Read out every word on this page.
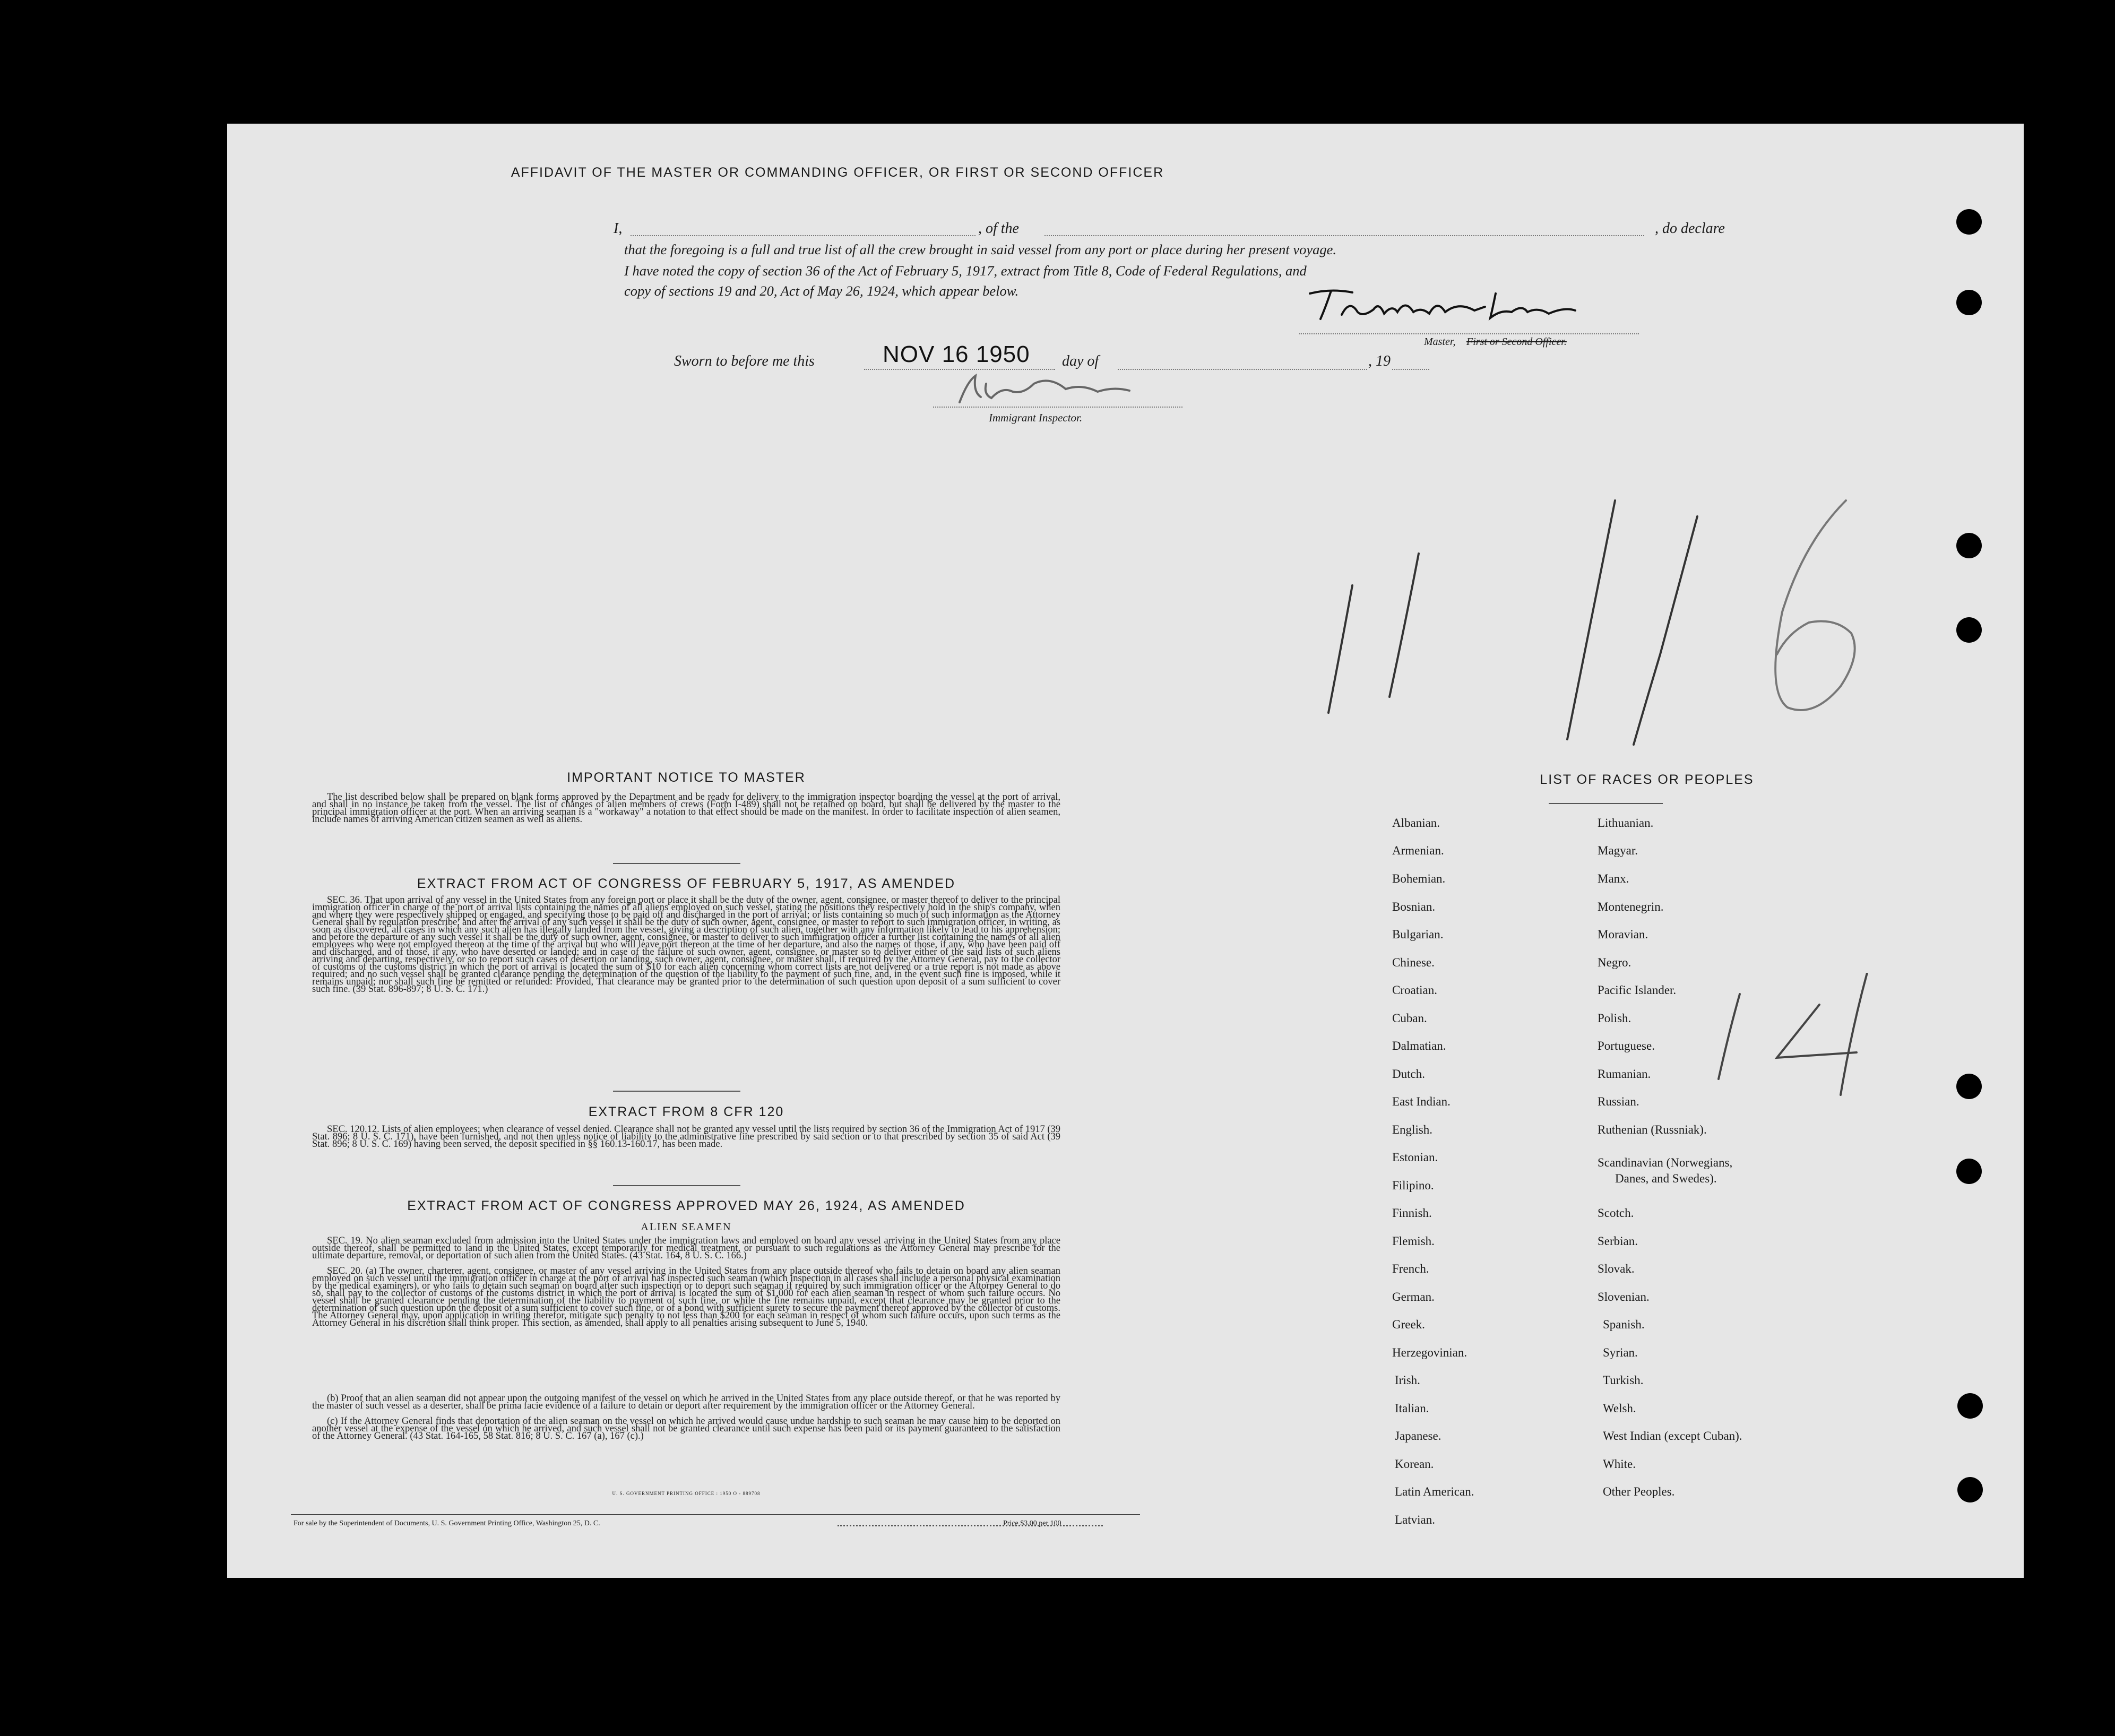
AFFIDAVIT OF THE MASTER OR COMMANDING OFFICER, OR FIRST OR SECOND OFFICER
I,	, of the	, do declare
that the foregoing is a full and true list of all the crew brought in said vessel from any port or place during her present voyage.
I have noted the copy of section 36 of the Act of February 5, 1917, extract from Title 8, Code of Federal Regulations, and
copy of sections 19 and 20, Act of May 26, 1924, which appear below.
Master, First or Second Officer.
Sworn to before me this	NOV 16 1950 day of	, 19
Immigrant Inspector.
IMPORTANT NOTICE TO MASTER
The list described below shall be prepared on blank forms approved by the Department and be ready for delivery to the immigration inspector boarding the vessel at the port of arrival, and shall in no instance be taken from the vessel. The list of changes of alien members of crews (Form I-489) shall not be retained on board, but shall be delivered by the master to the principal immigration officer at the port. When an arriving seaman is a "workaway" a notation to that effect should be made on the manifest. In order to facilitate inspection of alien seamen, include names of arriving American citizen seamen as well as aliens.
EXTRACT FROM ACT OF CONGRESS OF FEBRUARY 5, 1917, AS AMENDED
SEC. 36. That upon arrival of any vessel in the United States from any foreign port or place it shall be the duty of the owner, agent, consignee, or master thereof to deliver to the principal immigration officer in charge of the port of arrival lists containing the names of all aliens employed on such vessel, stating the positions they respectively hold in the ship's company, when and where they were respectively shipped or engaged, and specifying those to be paid off and discharged in the port of arrival; or lists containing so much of such information as the Attorney General shall by regulation prescribe; and after the arrival of any such vessel it shall be the duty of such owner, agent, consignee, or master to report to such immigration officer, in writing, as soon as discovered, all cases in which any such alien has illegally landed from the vessel, giving a description of such alien, together with any information likely to lead to his apprehension; and before the departure of any such vessel it shall be the duty of such owner, agent, consignee, or master to deliver to such immigration officer a further list containing the names of all alien employees who were not employed thereon at the time of the arrival but who will leave port thereon at the time of her departure, and also the names of those, if any, who have been paid off and discharged, and of those, if any, who have deserted or landed; and in case of the failure of such owner, agent, consignee, or master so to deliver either of the said lists of such aliens arriving and departing, respectively, or so to report such cases of desertion or landing, such owner, agent, consignee, or master shall, if required by the Attorney General, pay to the collector of customs of the customs district in which the port of arrival is located the sum of $10 for each alien concerning whom correct lists are not delivered or a true report is not made as above required; and no such vessel shall be granted clearance pending the determination of the question of the liability to the payment of such fine, and, in the event such fine is imposed, while it remains unpaid; nor shall such fine be remitted or refunded: Provided, That clearance may be granted prior to the determination of such question upon deposit of a sum sufficient to cover such fine. (39 Stat. 896-897; 8 U. S. C. 171.)
EXTRACT FROM 8 CFR 120
SEC. 120.12. Lists of alien employees; when clearance of vessel denied. Clearance shall not be granted any vessel until the lists required by section 36 of the Immigration Act of 1917 (39 Stat. 896; 8 U. S. C. 171), have been furnished, and not then unless notice of liability to the administrative fine prescribed by said section or to that prescribed by section 35 of said Act (39 Stat. 896; 8 U. S. C. 169) having been served, the deposit specified in §§ 160.13-160.17, has been made.
EXTRACT FROM ACT OF CONGRESS APPROVED MAY 26, 1924, AS AMENDED
ALIEN SEAMEN
SEC. 19. No alien seaman excluded from admission into the United States under the immigration laws and employed on board any vessel arriving in the United States from any place outside thereof, shall be permitted to land in the United States, except temporarily for medical treatment, or pursuant to such regulations as the Attorney General may prescribe for the ultimate departure, removal, or deportation of such alien from the United States. (43 Stat. 164, 8 U. S. C. 166.)
SEC. 20. (a) The owner, charterer, agent, consignee, or master of any vessel arriving in the United States from any place outside thereof who fails to detain on board any alien seaman employed on such vessel until the immigration officer in charge at the port of arrival has inspected such seaman (which inspection in all cases shall include a personal physical examination by the medical examiners), or who fails to detain such seaman on board after such inspection or to deport such seaman if required by such immigration officer or the Attorney General to do so, shall pay to the collector of customs of the customs district in which the port of arrival is located the sum of $1,000 for each alien seaman in respect of whom such failure occurs. No vessel shall be granted clearance pending the determination of the liability to payment of such fine, or while the fine remains unpaid, except that clearance may be granted prior to the determination of such question upon the deposit of a sum sufficient to cover such fine, or of a bond with sufficient surety to secure the payment thereof approved by the collector of customs. The Attorney General may, upon application in writing therefor, mitigate such penalty to not less than $200 for each seaman in respect of whom such failure occurs, upon such terms as the Attorney General in his discretion shall think proper. This section, as amended, shall apply to all penalties arising subsequent to June 5, 1940.
(b) Proof that an alien seaman did not appear upon the outgoing manifest of the vessel on which he arrived in the United States from any place outside thereof, or that he was reported by the master of such vessel as a deserter, shall be prima facie evidence of a failure to detain or deport after requirement by the immigration officer or the Attorney General.
(c) If the Attorney General finds that deportation of the alien seaman on the vessel on which he arrived would cause undue hardship to such seaman he may cause him to be deported on another vessel at the expense of the vessel on which he arrived, and such vessel shall not be granted clearance until such expense has been paid or its payment guaranteed to the satisfaction of the Attorney General. (43 Stat. 164-165, 58 Stat. 816; 8 U. S. C. 167 (a), 167 (c).)
U. S. GOVERNMENT PRINTING OFFICE : 1950 O - 889708
For sale by the Superintendent of Documents, U. S. Government Printing Office, Washington 25, D. C.	Price $3.00 per 100
LIST OF RACES OR PEOPLES
Albanian.
Armenian.
Bohemian.
Bosnian.
Bulgarian.
Chinese.
Croatian.
Cuban.
Dalmatian.
Dutch.
East Indian.
English.
Estonian.
Filipino.
Finnish.
Flemish.
French.
German.
Greek.
Herzegovinian.
Irish.
Italian.
Japanese.
Korean.
Latin American.
Latvian.
Lithuanian.
Magyar.
Manx.
Montenegrin.
Moravian.
Negro.
Pacific Islander.
Polish.
Portuguese.
Rumanian.
Russian.
Ruthenian (Russniak).
Scandinavian (Norwegians,
Danes, and Swedes).
Scotch.
Serbian.
Slovak.
Slovenian.
Spanish.
Syrian.
Turkish.
Welsh.
West Indian (except Cuban).
White.
Other Peoples.
